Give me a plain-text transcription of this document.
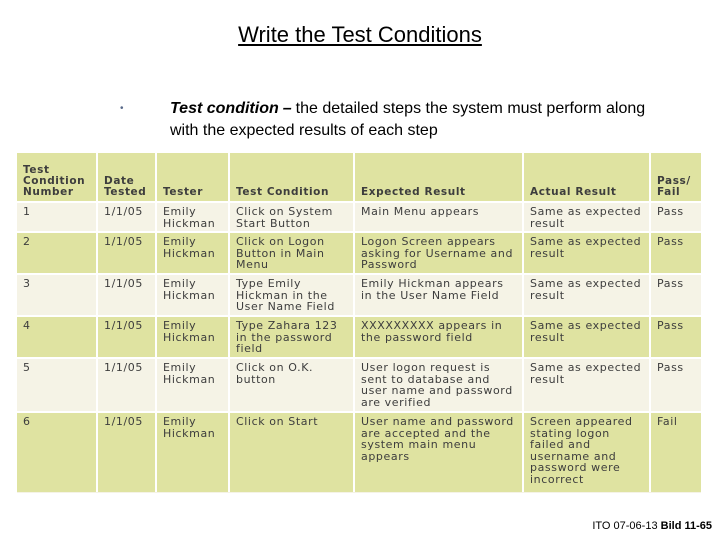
Write the Test Conditions
•	Test condition – the detailed steps the system must perform along with the expected results of each step
Test Condition Number	Date Tested	Tester	Test Condition	Expected Result	Actual Result	Pass/ Fail
1	1/1/05	Emily Hickman	Click on System Start Button	Main Menu appears	Same as expected result	Pass
2	1/1/05	Emily Hickman	Click on Logon Button in Main Menu	Logon Screen appears asking for Username and Password	Same as expected result	Pass
3	1/1/05	Emily Hickman	Type Emily Hickman in the User Name Field	Emily Hickman appears in the User Name Field	Same as expected result	Pass
4	1/1/05	Emily Hickman	Type Zahara 123 in the password field	XXXXXXXXX appears in the password field	Same as expected result	Pass
5	1/1/05	Emily Hickman	Click on O.K. button	User logon request is sent to database and user name and password are verified	Same as expected result	Pass
6	1/1/05	Emily Hickman	Click on Start	User name and password are accepted and the system main menu appears	Screen appeared stating logon failed and username and password were incorrect	Fail
ITO 07-06-13 Bild 11-65
